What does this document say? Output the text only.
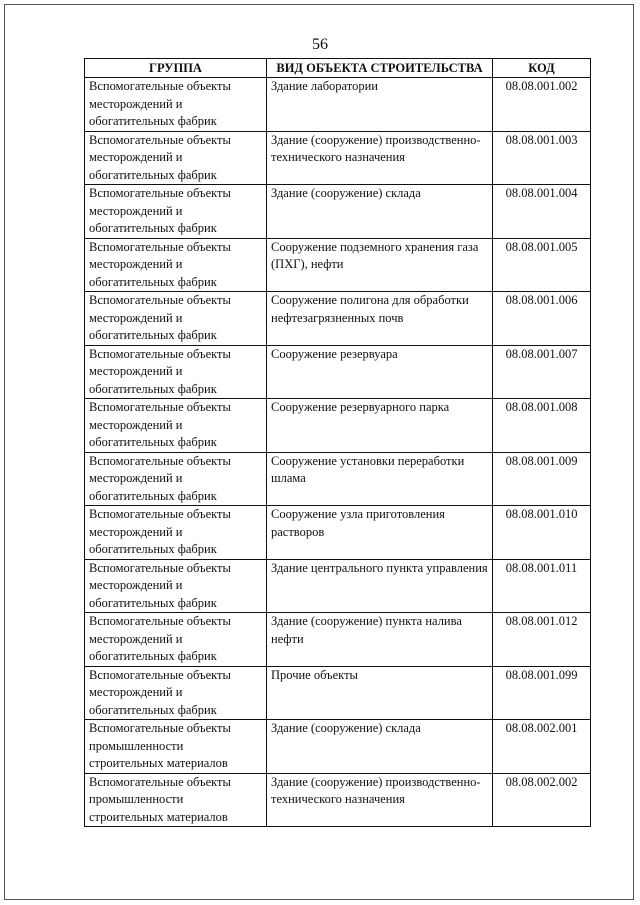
56
ГРУППА	ВИД ОБЪЕКТА СТРОИТЕЛЬСТВА	КОД

Вспомогательные объекты
месторождений и
обогатительных фабрик	Здание лаборатории	08.08.001.002

Вспомогательные объекты
месторождений и
обогатительных фабрик	Здание (сооружение) производственно-технического назначения	08.08.001.003

Вспомогательные объекты
месторождений и
обогатительных фабрик	Здание (сооружение) склада	08.08.001.004

Вспомогательные объекты
месторождений и
обогатительных фабрик	Сооружение подземного хранения газа (ПХГ), нефти	08.08.001.005

Вспомогательные объекты
месторождений и
обогатительных фабрик	Сооружение полигона для обработки нефтезагрязненных почв	08.08.001.006

Вспомогательные объекты
месторождений и
обогатительных фабрик	Сооружение резервуара	08.08.001.007

Вспомогательные объекты
месторождений и
обогатительных фабрик	Сооружение резервуарного парка	08.08.001.008

Вспомогательные объекты
месторождений и
обогатительных фабрик	Сооружение установки переработки шлама	08.08.001.009

Вспомогательные объекты
месторождений и
обогатительных фабрик	Сооружение узла приготовления растворов	08.08.001.010

Вспомогательные объекты
месторождений и
обогатительных фабрик	Здание центрального пункта управления	08.08.001.011

Вспомогательные объекты
месторождений и
обогатительных фабрик	Здание (сооружение) пункта налива нефти	08.08.001.012

Вспомогательные объекты
месторождений и
обогатительных фабрик	Прочие объекты	08.08.001.099

Вспомогательные объекты
промышленности
строительных материалов	Здание (сооружение) склада	08.08.002.001

Вспомогательные объекты
промышленности
строительных материалов	Здание (сооружение) производственно-технического назначения	08.08.002.002
